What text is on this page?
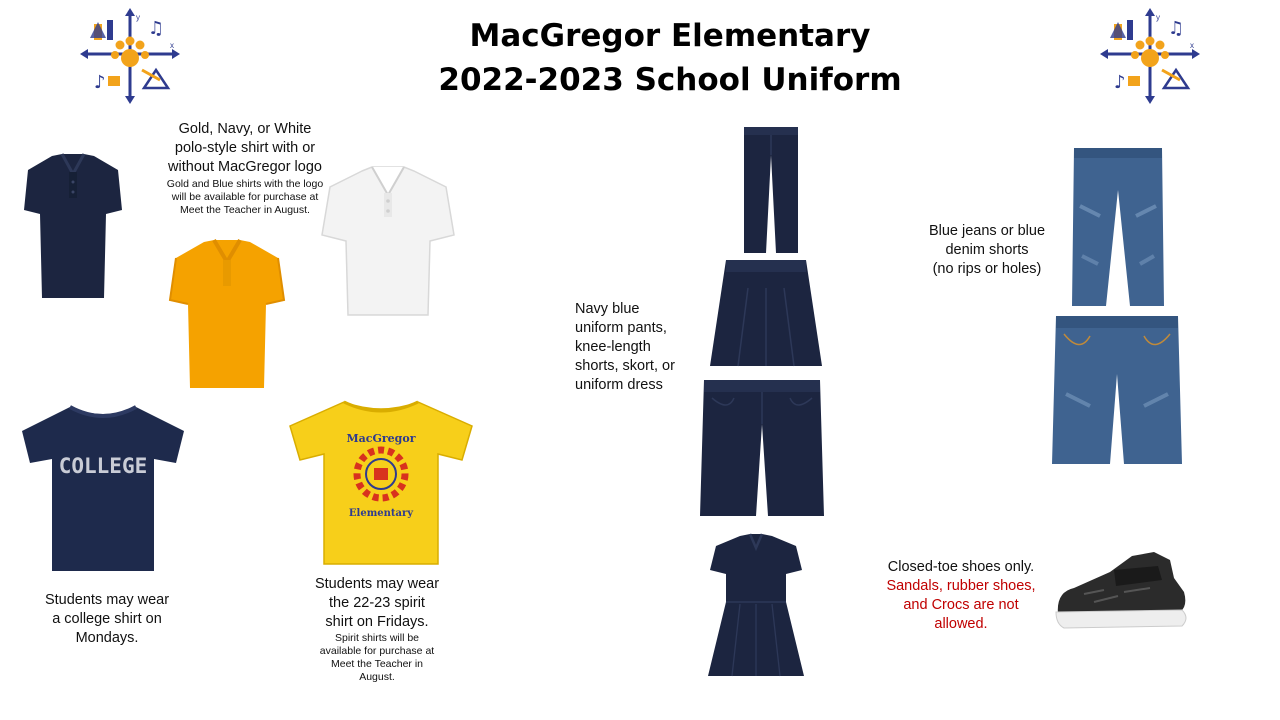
♫
♪
y
x
♫
♪
y
x
MacGregor Elementary
2022-2023 School Uniform
Gold, Navy, or White
polo-style shirt with or
without MacGregor logo
Gold and Blue shirts with the logo
will be available for purchase at
Meet the Teacher in August.
COLLEGE
Students may wear
a college shirt on
Mondays.
MacGregor
Elementary
Students may wear
the 22-23 spirit
shirt on Fridays.
Spirit shirts will be
available for purchase at
Meet the Teacher in
August.
Navy blue
uniform pants,
knee-length
shorts, skort, or
uniform dress
Blue jeans or blue
denim shorts
(no rips or holes)
Closed-toe shoes only.
Sandals, rubber shoes,
and Crocs are not
allowed.
